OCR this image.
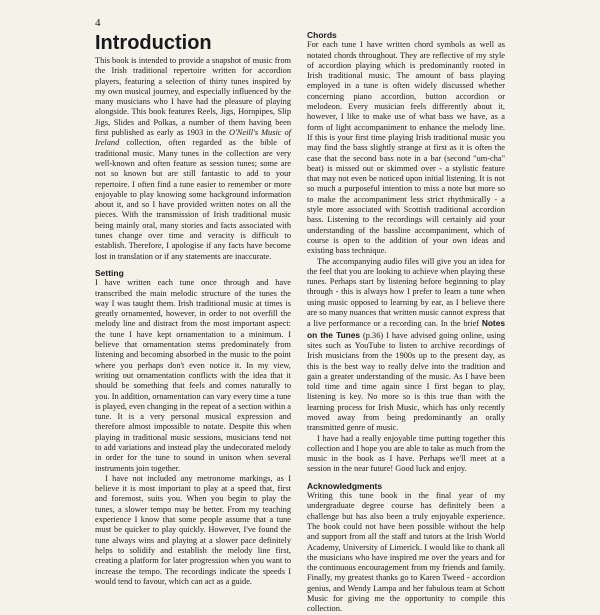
4
Introduction

This book is intended to provide a snapshot of music from the Irish traditional repertoire written for accordion players, featuring a selection of thirty tunes inspired by my own musical journey, and especially influenced by the many musicians who I have had the pleasure of playing alongside. This book features Reels, Jigs, Hornpipes, Slip Jigs, Slides and Polkas, a number of them having been first published as early as 1903 in the O'Neill's Music of Ireland collection, often regarded as the bible of traditional music. Many tunes in the collection are very well-known and often feature as session tunes; some are not so known but are still fantastic to add to your repertoire. I often find a tune easier to remember or more enjoyable to play knowing some background information about it, and so I have provided written notes on all the pieces. With the transmission of Irish traditional music being mainly oral, many stories and facts associated with tunes change over time and veracity is difficult to establish. Therefore, I apologise if any facts have become lost in translation or if any statements are inaccurate.

Setting

I have written each tune once through and have transcribed the main melodic structure of the tunes the way I was taught them. Irish traditional music at times is greatly ornamented, however, in order to not overfill the melody line and distract from the most important aspect: the tune I have kept ornamentation to a minimum. I believe that ornamentation stems predominately from listening and becoming absorbed in the music to the point where you perhaps don't even notice it. In my view, writing out ornamentation conflicts with the idea that it should be something that feels and comes naturally to you. In addition, ornamentation can vary every time a tune is played, even changing in the repeat of a section within a tune. It is a very personal musical expression and therefore almost impossible to notate. Despite this when playing in traditional music sessions, musicians tend not to add variations and instead play the undecorated melody in order for the tune to sound in unison when several instruments join together.

I have not included any metronome markings, as I believe it is most important to play at a speed that, first and foremost, suits you. When you begin to play the tunes, a slower tempo may be better. From my teaching experience I know that some people assume that a tune must be quicker to play quickly. However, I've found the tune always wins and playing at a slower pace definitely helps to solidify and establish the melody line first, creating a platform for later progression when you want to increase the tempo. The recordings indicate the speeds I would tend to favour, which can act as a guide.

Chords

For each tune I have written chord symbols as well as notated chords throughout. They are reflective of my style of accordion playing which is predominantly rooted in Irish traditional music. The amount of bass playing employed in a tune is often widely discussed whether concerning piano accordion, button accordion or melodeon. Every musician feels differently about it, however, I like to make use of what bass we have, as a form of light accompaniment to enhance the melody line. If this is your first time playing Irish traditional music you may find the bass slightly strange at first as it is often the case that the second bass note in a bar (second "um-cha" beat) is missed out or skimmed over - a stylistic feature that may not even be noticed upon initial listening. It is not so much a purposeful intention to miss a note but more so to make the accompaniment less strict rhythmically - a style more associated with Scottish traditional accordion bass. Listening to the recordings will certainly aid your understanding of the bassline accompaniment, which of course is open to the addition of your own ideas and existing bass technique.

The accompanying audio files will give you an idea for the feel that you are looking to achieve when playing these tunes. Perhaps start by listening before beginning to play through - this is always how I prefer to learn a tune when using music opposed to learning by ear, as I believe there are so many nuances that written music cannot express that a live performance or a recording can. In the brief Notes on the Tunes (p.36) I have advised going online, using sites such as YouTube to listen to archive recordings of Irish musicians from the 1900s up to the present day, as this is the best way to really delve into the tradition and gain a greater understanding of the music. As I have been told time and time again since I first began to play, listening is key. No more so is this true than with the learning process for Irish Music, which has only recently moved away from being predominantly an orally transmitted genre of music.

I have had a really enjoyable time putting together this collection and I hope you are able to take as much from the music in the book as I have. Perhaps we'll meet at a session in the near future! Good luck and enjoy.

Acknowledgments

Writing this tune book in the final year of my undergraduate degree course has definitely been a challenge but has also been a truly enjoyable experience. The book could not have been possible without the help and support from all the staff and tutors at the Irish World Academy, University of Limerick. I would like to thank all the musicians who have inspired me over the years and for the continuous encouragement from my friends and family. Finally, my greatest thanks go to Karen Tweed - accordion genius, and Wendy Lampa and her fabulous team at Schott Music for giving me the opportunity to compile this collection.
